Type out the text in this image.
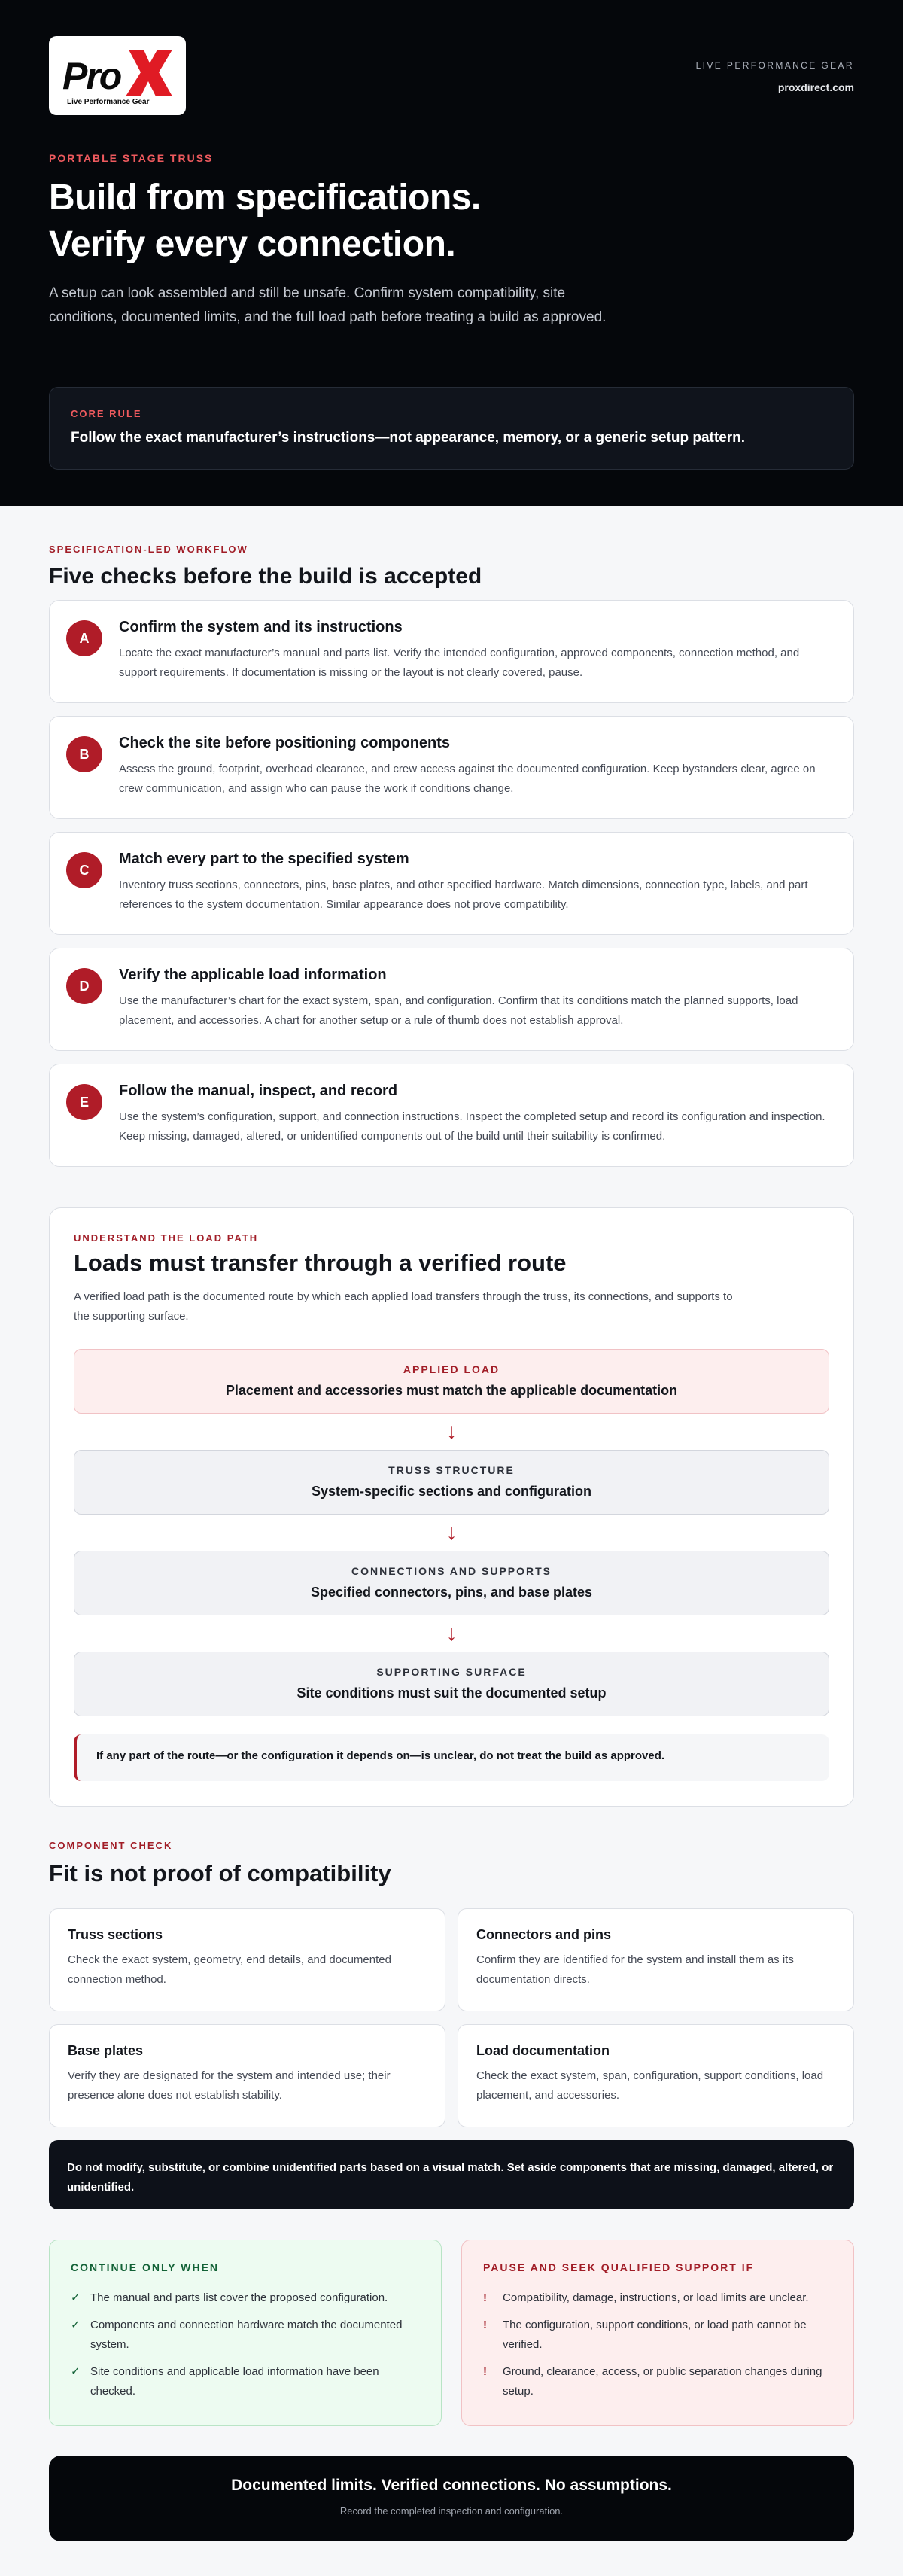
Pro
Live Performance Gear
LIVE PERFORMANCE GEAR
proxdirect.com
PORTABLE STAGE TRUSS
Build from specifications.
Verify every connection.

A setup can look assembled and still be unsafe. Confirm system compatibility, site conditions, documented limits, and the full load path before treating a build as approved.

CORE RULE
Follow the exact manufacturer’s instructions—not appearance, memory, or a generic setup pattern.
SPECIFICATION-LED WORKFLOW
Five checks before the build is accepted
A
Confirm the system and its instructions

Locate the exact manufacturer’s manual and parts list. Verify the intended configuration, approved components, connection method, and support requirements. If documentation is missing or the layout is not clearly covered, pause.

B
Check the site before positioning components

Assess the ground, footprint, overhead clearance, and crew access against the documented configuration. Keep bystanders clear, agree on crew communication, and assign who can pause the work if conditions change.

C
Match every part to the specified system

Inventory truss sections, connectors, pins, base plates, and other specified hardware. Match dimensions, connection type, labels, and part references to the system documentation. Similar appearance does not prove compatibility.

D
Verify the applicable load information

Use the manufacturer’s chart for the exact system, span, and configuration. Confirm that its conditions match the planned supports, load placement, and accessories. A chart for another setup or a rule of thumb does not establish approval.

E
Follow the manual, inspect, and record

Use the system’s configuration, support, and connection instructions. Inspect the completed setup and record its configuration and inspection. Keep missing, damaged, altered, or unidentified components out of the build until their suitability is confirmed.

UNDERSTAND THE LOAD PATH
Loads must transfer through a verified route

A verified load path is the documented route by which each applied load transfers through the truss, its connections, and supports to the supporting surface.

APPLIED LOAD
Placement and accessories must match the applicable documentation
↓
TRUSS STRUCTURE
System-specific sections and configuration
↓
CONNECTIONS AND SUPPORTS
Specified connectors, pins, and base plates
↓
SUPPORTING SURFACE
Site conditions must suit the documented setup
If any part of the route—or the configuration it depends on—is unclear, do not treat the build as approved.
COMPONENT CHECK
Fit is not proof of compatibility
Truss sections

Check the exact system, geometry, end details, and documented connection method.

Connectors and pins

Confirm they are identified for the system and install them as its documentation directs.

Base plates

Verify they are designated for the system and intended use; their presence alone does not establish stability.

Load documentation

Check the exact system, span, configuration, support conditions, load placement, and accessories.

Do not modify, substitute, or combine unidentified parts based on a visual match. Set aside components that are missing, damaged, altered, or unidentified.
CONTINUE ONLY WHEN
✓ The manual and parts list cover the proposed configuration.
✓ Components and connection hardware match the documented system.
✓ Site conditions and applicable load information have been checked.
PAUSE AND SEEK QUALIFIED SUPPORT IF
! Compatibility, damage, instructions, or load limits are unclear.
! The configuration, support conditions, or load path cannot be verified.
! Ground, clearance, access, or public separation changes during setup.
Documented limits. Verified connections. No assumptions.
Record the completed inspection and configuration.
